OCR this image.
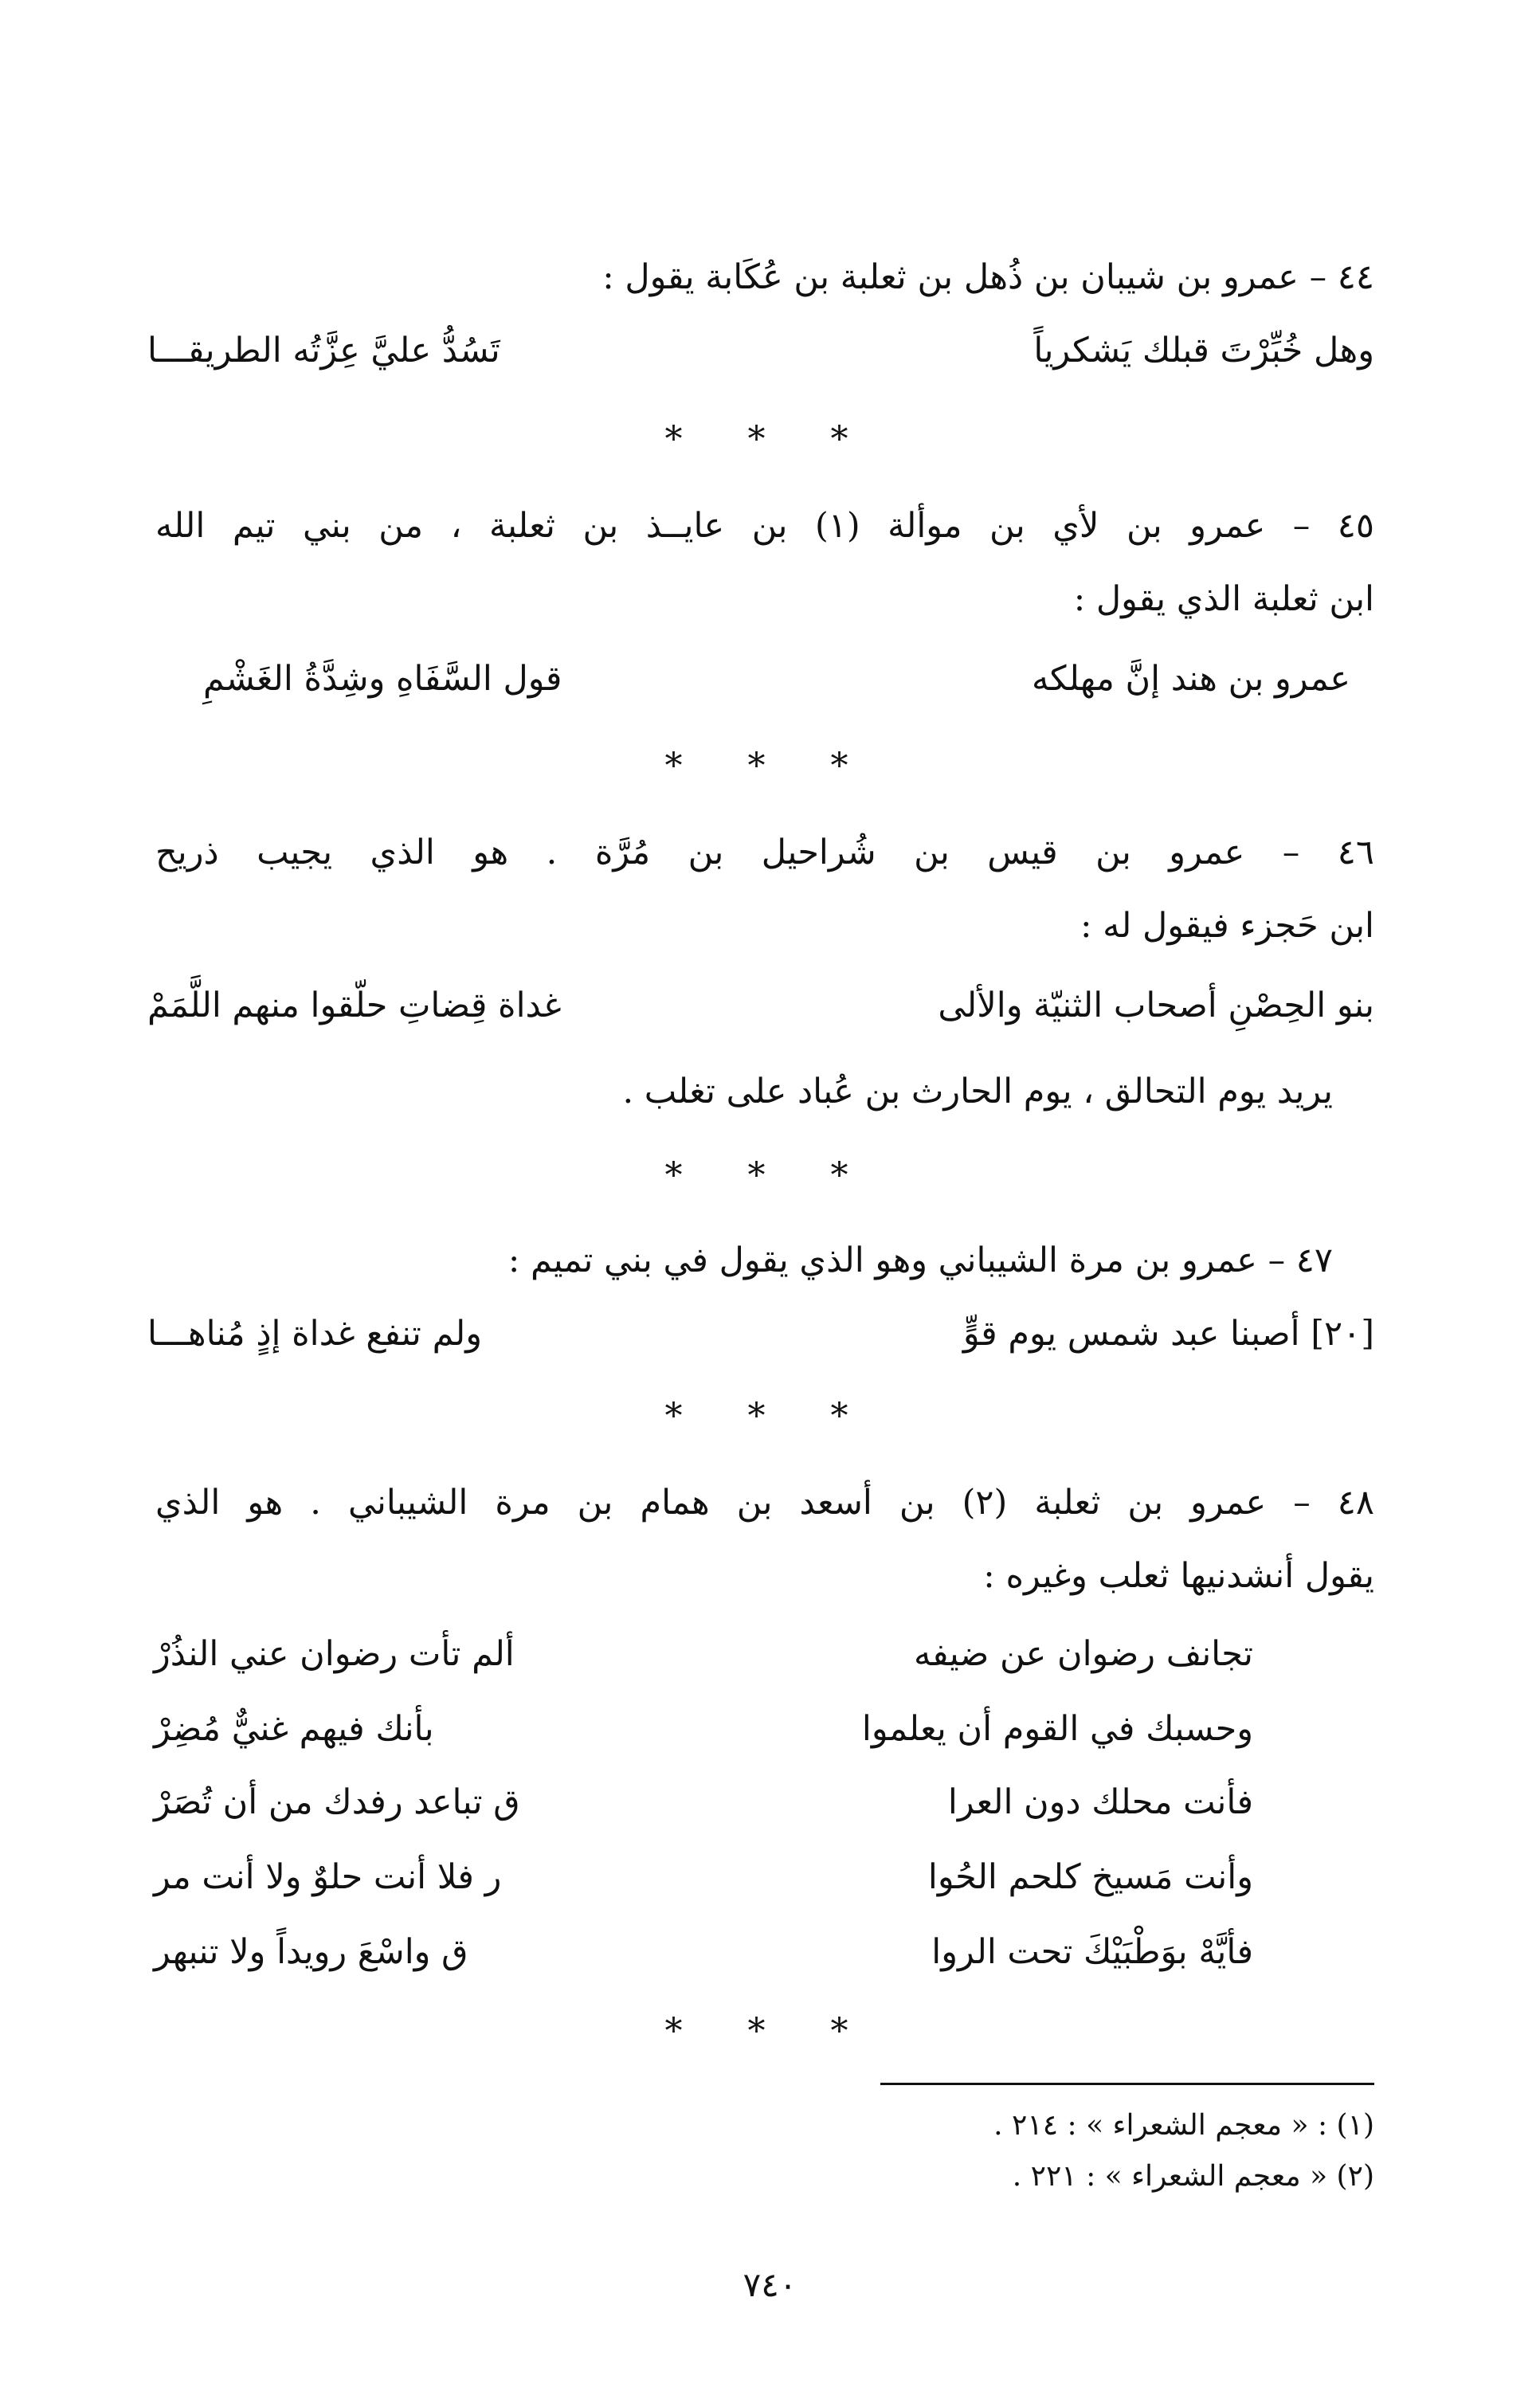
٤٤ – عمرو بن شيبان بن ذُهل بن ثعلبة بن عُكَابة يقول :
وهل خُبِّرْتَ قبلك يَشكرياً
تَسُدُّ عليَّ عِزَّتُه الطريقـــا
* * *
٤٥ – عمرو بن لأي بن موألة (١) بن عايــذ بن ثعلبة ، من بني تيم الله
ابن ثعلبة الذي يقول :
عمرو بن هند إنَّ مهلكه
قول السَّفَاهِ وشِدَّةُ الغَشْمِ
* * *
٤٦ – عمرو بن قيس بن شُراحيل بن مُرَّة . هو الذي يجيب ذريح
ابن حَجزء فيقول له :
بنو الحِصْنِ أصحاب الثنيّة والألى
غداة قِضاتِ حلّقوا منهم اللَّمَمْ
يريد يوم التحالق ، يوم الحارث بن عُباد على تغلب .
* * *
٤٧ – عمرو بن مرة الشيباني وهو الذي يقول في بني تميم :
[٢٠] أصبنا عبد شمس يوم قوٍّ
ولم تنفع غداة إذٍ مُناهـــا
* * *
٤٨ – عمرو بن ثعلبة (٢) بن أسعد بن همام بن مرة الشيباني . هو الذي
يقول أنشدنيها ثعلب وغيره :
تجانف رضوان عن ضيفه
ألم تأت رضوان عني النذُرْ
وحسبك في القوم أن يعلموا
بأنك فيهم غنيٌّ مُضِرْ
فأنت محلك دون العرا
ق تباعد رفدك من أن تُصَرْ
وأنت مَسيخ كلحم الحُوا
ر فلا أنت حلوٌ ولا أنت مر
فأيَّهْ بوَطْبَيْكَ تحت الروا
ق واسْعَ رويداً ولا تنبهر
* * *
(١) : « معجم الشعراء » : ٢١٤ .
(٢) « معجم الشعراء » : ٢٢١ .
٧٤٠
